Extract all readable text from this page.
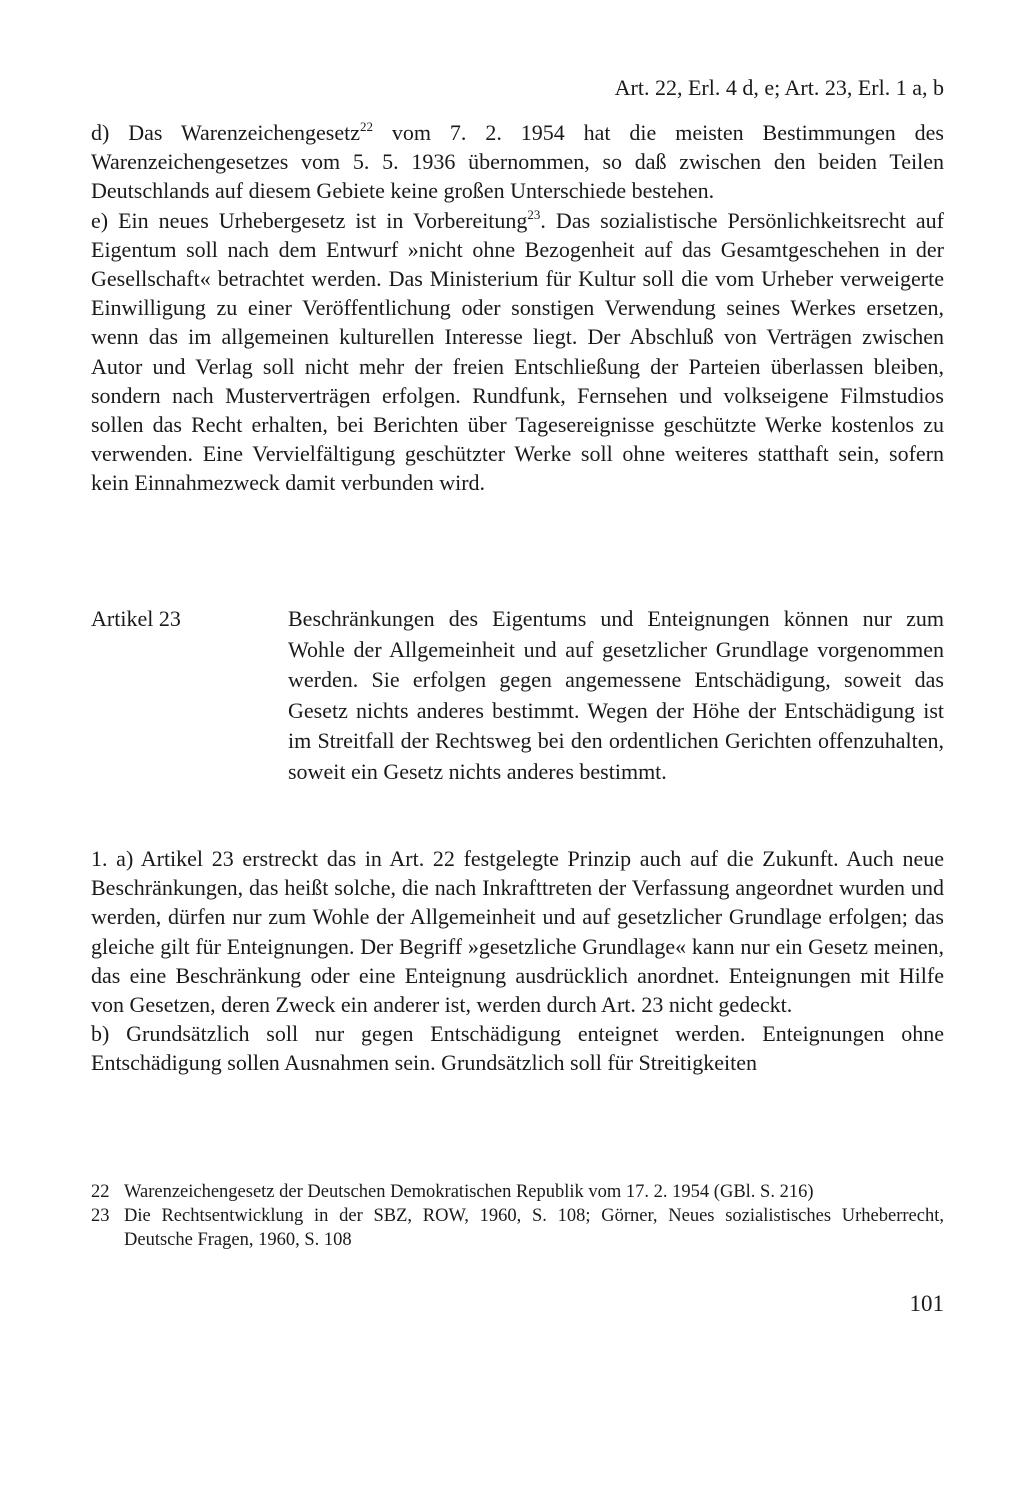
Art. 22, Erl. 4 d, e; Art. 23, Erl. 1 a, b

d) Das Warenzeichengesetz$^{22}$ vom 7. 2. 1954 hat die meisten Bestimmungen des Warenzeichengesetzes vom 5. 5. 1936 übernommen, so daß zwischen den beiden Teilen Deutschlands auf diesem Gebiete keine großen Unterschiede bestehen.

e) Ein neues Urhebergesetz ist in Vorbereitung$^{23}$. Das sozialistische Persönlichkeitsrecht auf Eigentum soll nach dem Entwurf »nicht ohne Bezogenheit auf das Gesamtgeschehen in der Gesellschaft« betrachtet werden. Das Ministerium für Kultur soll die vom Urheber verweigerte Einwilligung zu einer Veröffentlichung oder sonstigen Verwendung seines Werkes ersetzen, wenn das im allgemeinen kulturellen Interesse liegt. Der Abschluß von Verträgen zwischen Autor und Verlag soll nicht mehr der freien Entschließung der Parteien überlassen bleiben, sondern nach Musterverträgen erfolgen. Rundfunk, Fernsehen und volkseigene Filmstudios sollen das Recht erhalten, bei Berichten über Tagesereignisse geschützte Werke kostenlos zu verwenden. Eine Vervielfältigung geschützter Werke soll ohne weiteres statthaft sein, sofern kein Einnahmezweck damit verbunden wird.

Artikel 23	Beschränkungen des Eigentums und Enteignungen können nur zum Wohle der Allgemeinheit und auf gesetzlicher Grundlage vorgenommen werden. Sie erfolgen gegen angemessene Entschädigung, soweit das Gesetz nichts anderes bestimmt. Wegen der Höhe der Entschädigung ist im Streitfall der Rechtsweg bei den ordentlichen Gerichten offenzuhalten, soweit ein Gesetz nichts anderes bestimmt.

1. a) Artikel 23 erstreckt das in Art. 22 festgelegte Prinzip auch auf die Zukunft. Auch neue Beschränkungen, das heißt solche, die nach Inkrafttreten der Verfassung angeordnet wurden und werden, dürfen nur zum Wohle der Allgemeinheit und auf gesetzlicher Grundlage erfolgen; das gleiche gilt für Enteignungen. Der Begriff »gesetzliche Grundlage« kann nur ein Gesetz meinen, das eine Beschränkung oder eine Enteignung ausdrücklich anordnet. Enteignungen mit Hilfe von Gesetzen, deren Zweck ein anderer ist, werden durch Art. 23 nicht gedeckt.

b) Grundsätzlich soll nur gegen Entschädigung enteignet werden. Enteignungen ohne Entschädigung sollen Ausnahmen sein. Grundsätzlich soll für Streitigkeiten

22 Warenzeichengesetz der Deutschen Demokratischen Republik vom 17. 2. 1954 (GBl. S. 216)

23 Die Rechtsentwicklung in der SBZ, ROW, 1960, S. 108; Görner, Neues sozialistisches Urheberrecht, Deutsche Fragen, 1960, S. 108

101
